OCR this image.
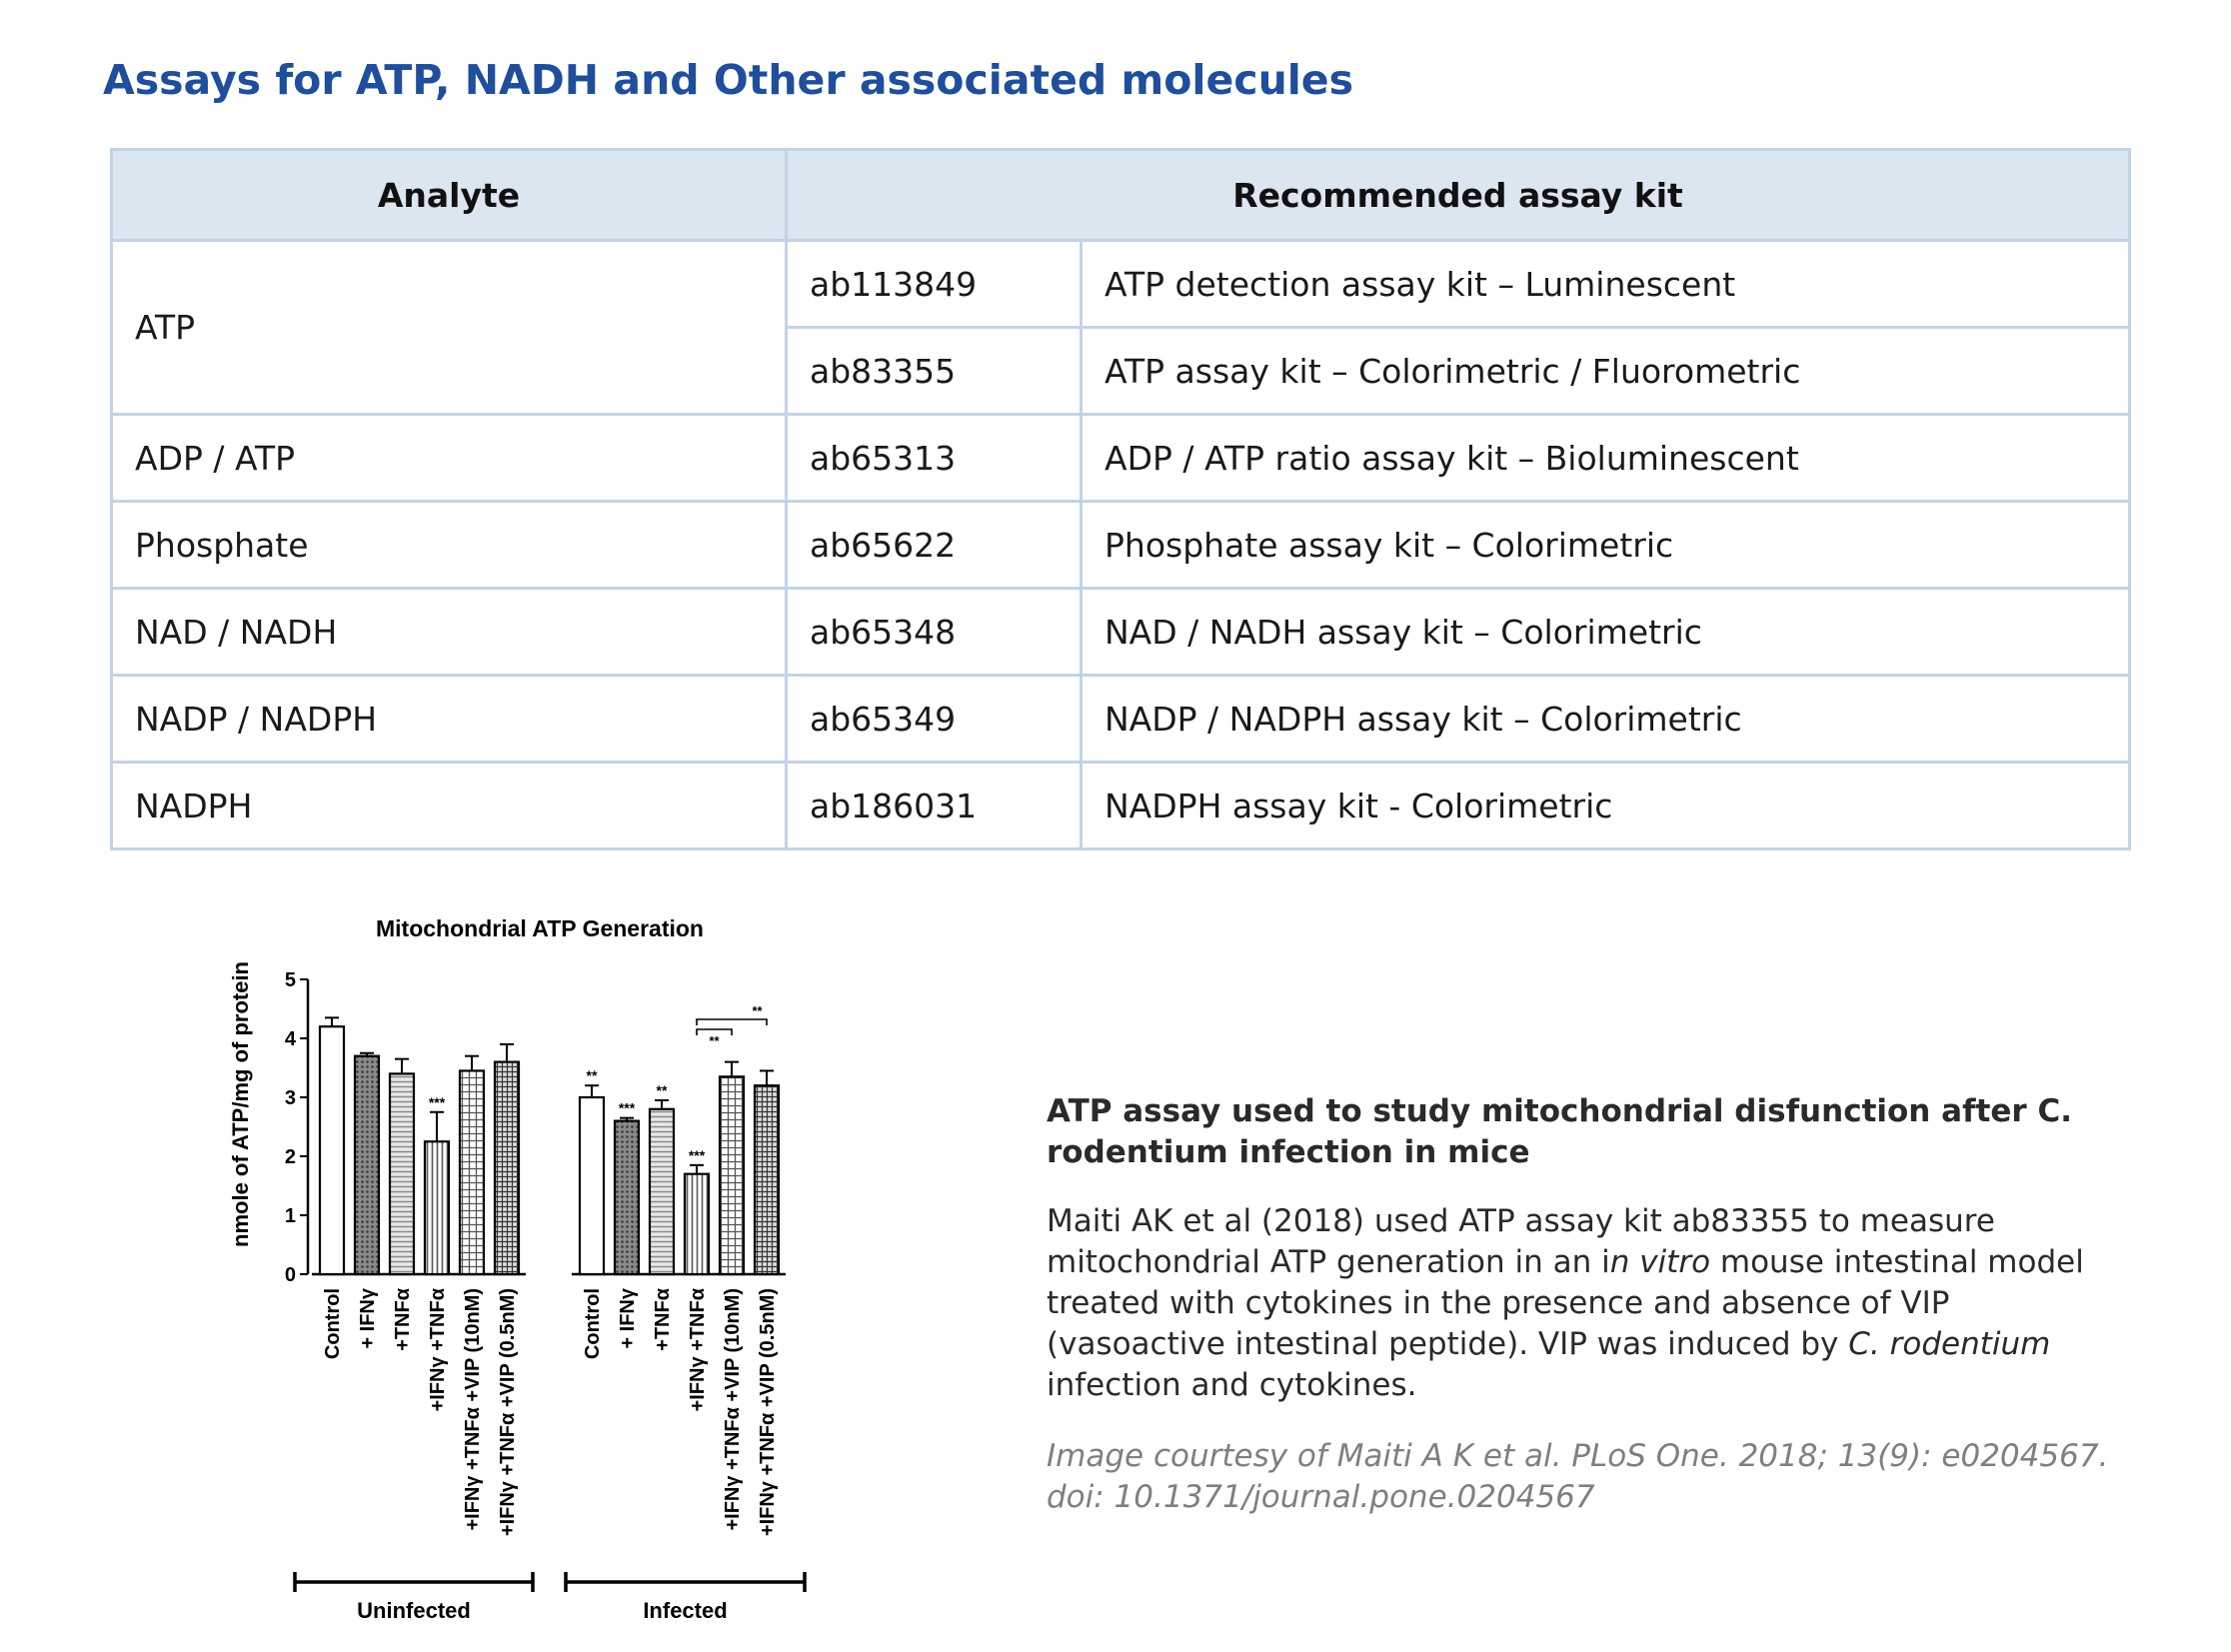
Assays for ATP, NADH and Other associated molecules
Analyte	Recommended assay kit	
ATP	ab113849	ATP detection assay kit – Luminescent
	ab83355	ATP assay kit – Colorimetric / Fluorometric
ADP / ATP	ab65313	ADP / ATP ratio assay kit – Bioluminescent
Phosphate	ab65622	Phosphate assay kit – Colorimetric
NAD / NADH	ab65348	NAD / NADH assay kit – Colorimetric
NADP / NADPH	ab65349	NADP / NADPH assay kit – Colorimetric
NADPH	ab186031	NADPH assay kit - Colorimetric
Mitochondrial ATP Generation
nmole of ATP/mg of protein
0
1
2
3
4
5
***
**
***
**
***
**
**
Control + IFNγ +TNFα +IFNγ +TNFα +IFNγ +TNFα +VIP (10nM) +IFNγ +TNFα +VIP (0.5nM)	Control + IFNγ +TNFα +IFNγ +TNFα +IFNγ +TNFα +VIP (10nM) +IFNγ +TNFα +VIP (0.5nM)
Uninfected	Infected

ATP assay used to study mitochondrial disfunction after C. rodentium infection in mice

Maiti AK et al (2018) used ATP assay kit ab83355 to measure mitochondrial ATP generation in an in vitro mouse intestinal model treated with cytokines in the presence and absence of VIP (vasoactive intestinal peptide). VIP was induced by C. rodentium infection and cytokines.

Image courtesy of Maiti A K et al. PLoS One. 2018; 13(9): e0204567. doi: 10.1371/journal.pone.0204567
